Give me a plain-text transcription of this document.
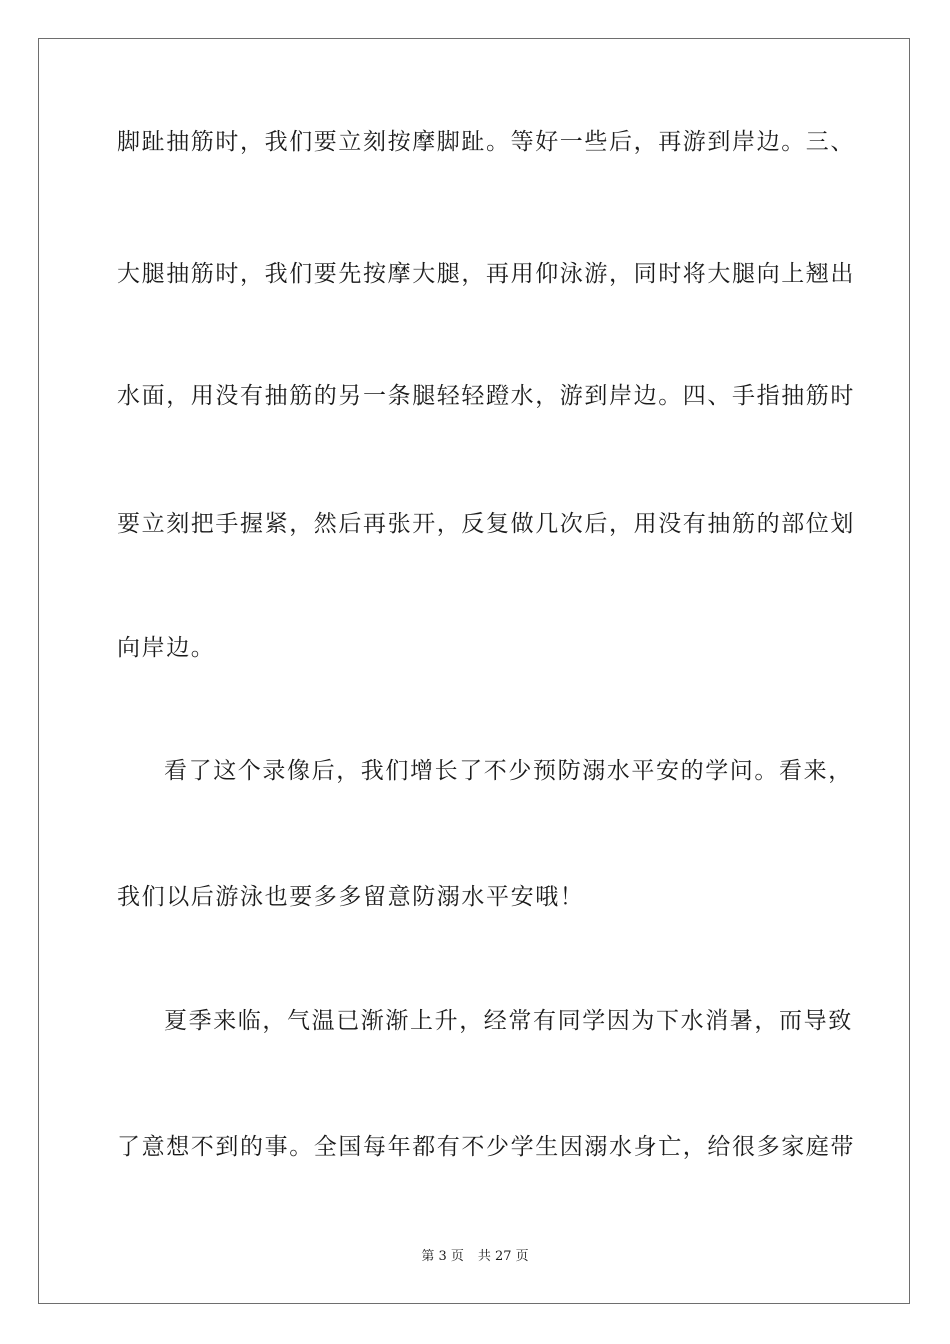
脚趾抽筋时，我们要立刻按摩脚趾。等好一些后，再游到岸边。三、
大腿抽筋时，我们要先按摩大腿，再用仰泳游，同时将大腿向上翘出
水面，用没有抽筋的另一条腿轻轻蹬水，游到岸边。四、手指抽筋时
要立刻把手握紧，然后再张开，反复做几次后，用没有抽筋的部位划
向岸边。
看了这个录像后，我们增长了不少预防溺水平安的学问。看来，
我们以后游泳也要多多留意防溺水平安哦！
夏季来临，气温已渐渐上升，经常有同学因为下水消暑，而导致
了意想不到的事。全国每年都有不少学生因溺水身亡，给很多家庭带
第 3 页 共 27 页
